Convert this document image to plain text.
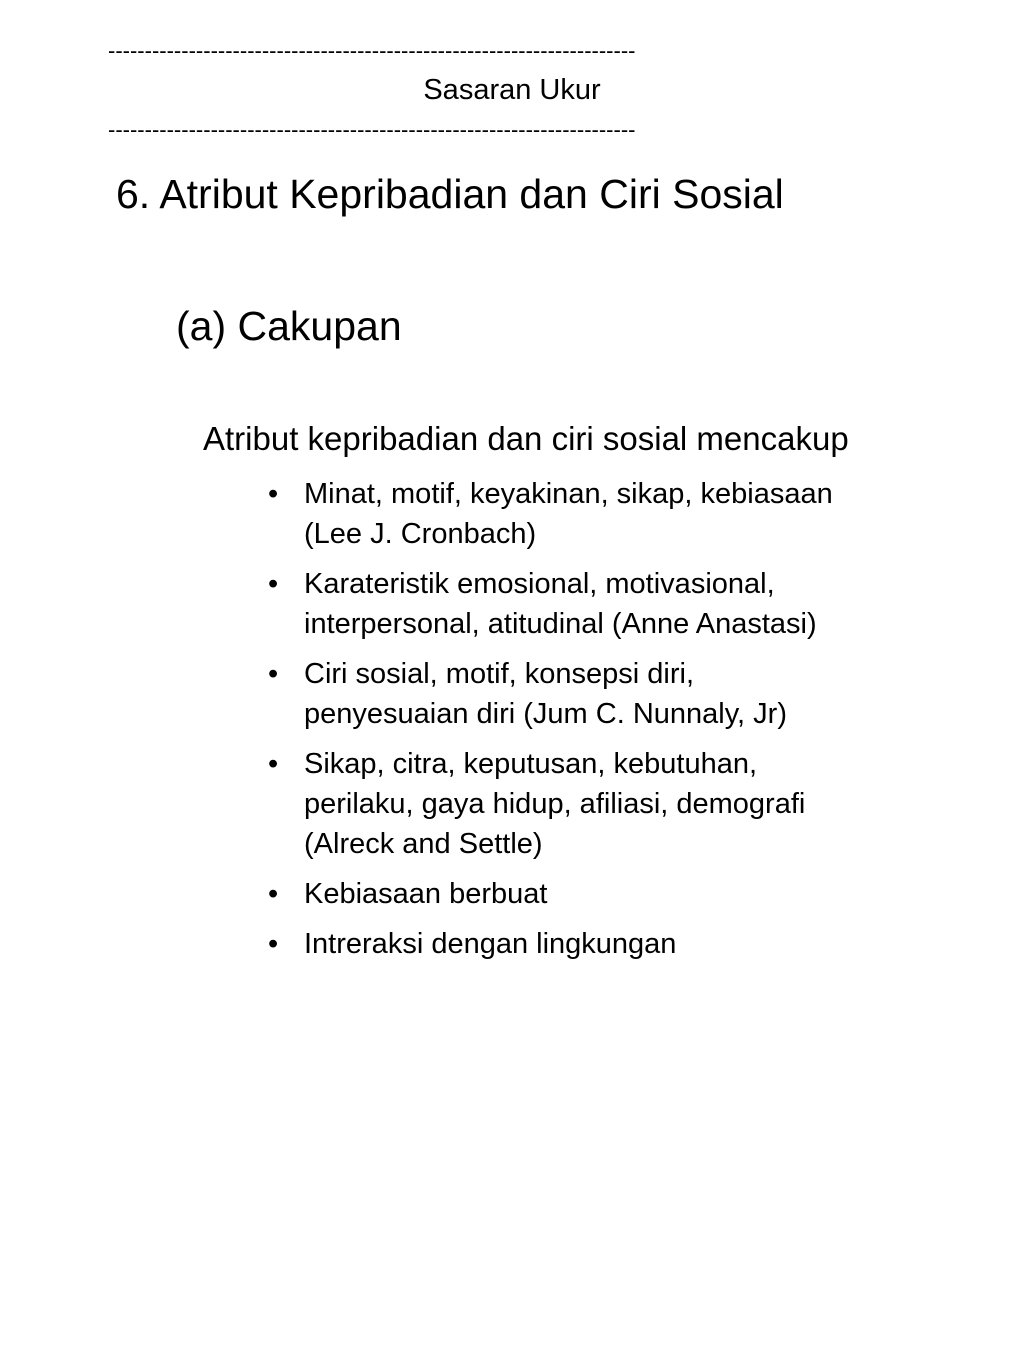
------------------------------------------------------------------------
Sasaran Ukur
------------------------------------------------------------------------
6. Atribut Kepribadian dan Ciri Sosial
(a) Cakupan
Atribut kepribadian dan ciri sosial mencakup
• Minat, motif, keyakinan, sikap, kebiasaan
(Lee J. Cronbach)
• Karateristik emosional, motivasional,
interpersonal, atitudinal (Anne Anastasi)
• Ciri sosial, motif, konsepsi diri,
penyesuaian diri (Jum C. Nunnaly, Jr)
• Sikap, citra, keputusan, kebutuhan,
perilaku, gaya hidup, afiliasi, demografi
(Alreck and Settle)
• Kebiasaan berbuat
• Intreraksi dengan lingkungan
